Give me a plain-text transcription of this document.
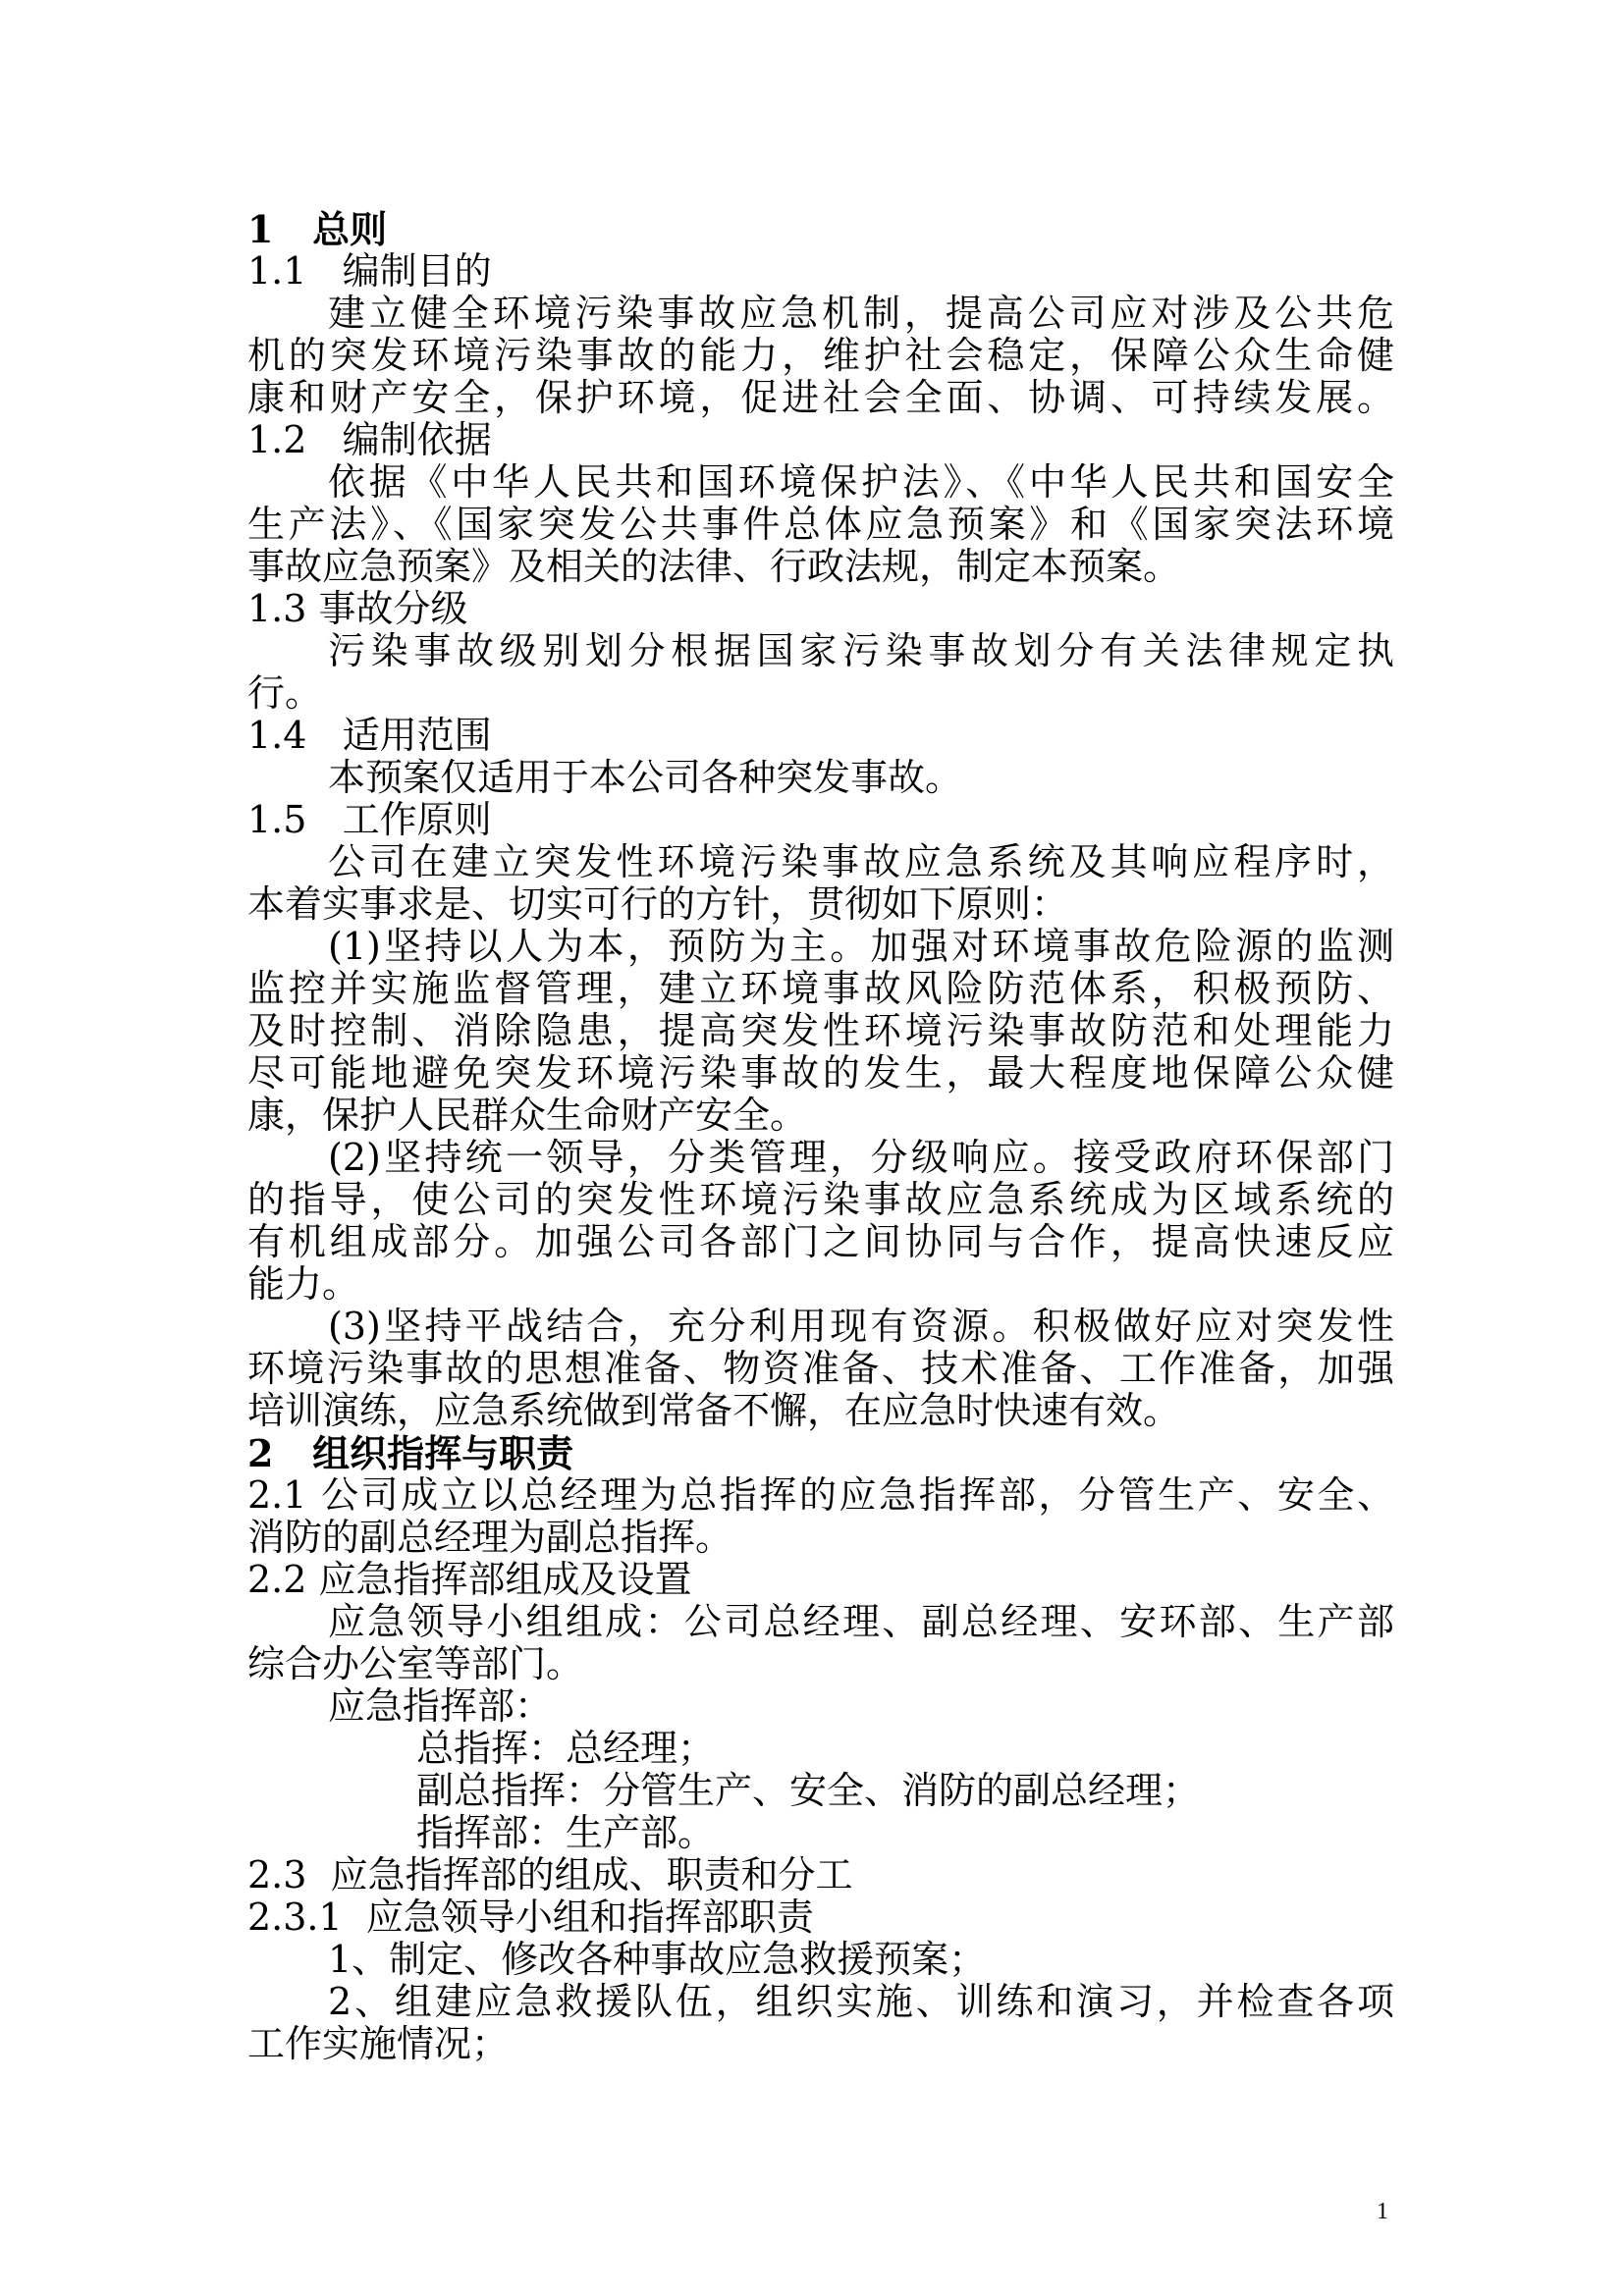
1   总则
1.1   编制目的
建立健全环境污染事故应急机制，提高公司应对涉及公共危
机的突发环境污染事故的能力，维护社会稳定，保障公众生命健
康和财产安全，保护环境，促进社会全面、协调、可持续发展。
1.2   编制依据
依据《中华人民共和国环境保护法》、《中华人民共和国安全
生产法》、《国家突发公共事件总体应急预案》和《国家突法环境
事故应急预案》及相关的法律、行政法规，制定本预案。
1.3 事故分级
污染事故级别划分根据国家污染事故划分有关法律规定执
行。
1.4   适用范围
本预案仅适用于本公司各种突发事故。
1.5   工作原则
公司在建立突发性环境污染事故应急系统及其响应程序时，
本着实事求是、切实可行的方针，贯彻如下原则：
(1)坚持以人为本，预防为主。加强对环境事故危险源的监测
监控并实施监督管理，建立环境事故风险防范体系，积极预防、
及时控制、消除隐患，提高突发性环境污染事故防范和处理能力
尽可能地避免突发环境污染事故的发生，最大程度地保障公众健
康，保护人民群众生命财产安全。
(2)坚持统一领导，分类管理，分级响应。接受政府环保部门
的指导，使公司的突发性环境污染事故应急系统成为区域系统的
有机组成部分。加强公司各部门之间协同与合作，提高快速反应
能力。
(3)坚持平战结合，充分利用现有资源。积极做好应对突发性
环境污染事故的思想准备、物资准备、技术准备、工作准备，加强
培训演练，应急系统做到常备不懈，在应急时快速有效。
2   组织指挥与职责
2.1 公司成立以总经理为总指挥的应急指挥部，分管生产、安全、
消防的副总经理为副总指挥。
2.2 应急指挥部组成及设置
应急领导小组组成：公司总经理、副总经理、安环部、生产部
综合办公室等部门。
应急指挥部：
总指挥：总经理；
副总指挥：分管生产、安全、消防的副总经理；
指挥部：生产部。
2.3  应急指挥部的组成、职责和分工
2.3.1  应急领导小组和指挥部职责
1、制定、修改各种事故应急救援预案；
2、组建应急救援队伍，组织实施、训练和演习，并检查各项
工作实施情况；
1
